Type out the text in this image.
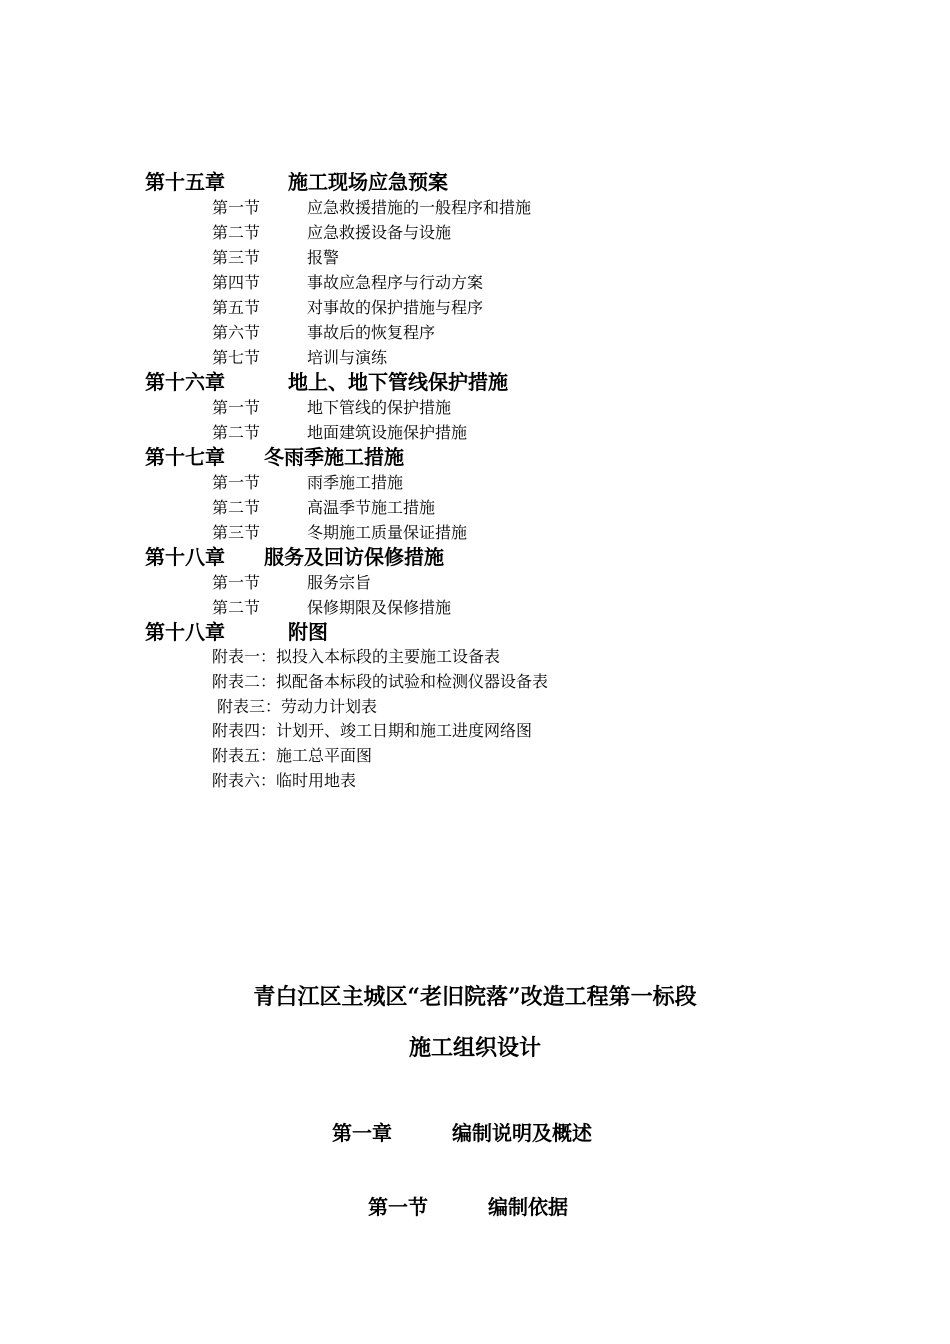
第十五章	施工现场应急预案
第一节	应急救援措施的一般程序和措施
第二节	应急救援设备与设施
第三节	报警
第四节	事故应急程序与行动方案
第五节	对事故的保护措施与程序
第六节	事故后的恢复程序
第七节	培训与演练
第十六章	地上、地下管线保护措施
第一节	地下管线的保护措施
第二节	地面建筑设施保护措施
第十七章 冬雨季施工措施
第一节	雨季施工措施
第二节	高温季节施工措施
第三节	冬期施工质量保证措施
第十八章 服务及回访保修措施
第一节	服务宗旨
第二节	保修期限及保修措施
第十八章	附图
附表一：拟投入本标段的主要施工设备表
附表二：拟配备本标段的试验和检测仪器设备表
附表三：劳动力计划表
附表四：计划开、竣工日期和施工进度网络图
附表五：施工总平面图
附表六：临时用地表
青白江区主城区“老旧院落”改造工程第一标段
施工组织设计
第一章	编制说明及概述
第一节	编制依据
